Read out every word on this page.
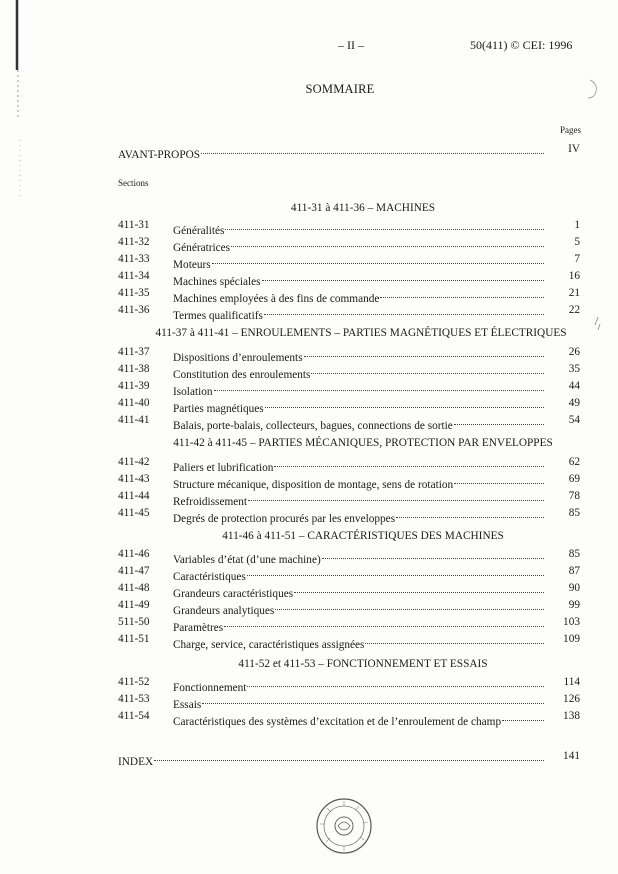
– II –	50(411) © CEI: 1996
SOMMAIRE
Pages
AVANT-PROPOS	IV
Sections
411-31 à 411-36 – MACHINES
411-31 Généralités	1
411-32 Génératrices	5
411-33 Moteurs	7
411-34 Machines spéciales	16
411-35 Machines employées à des fins de commande	21
411-36 Termes qualificatifs	22
411-37 à 411-41 – ENROULEMENTS – PARTIES MAGNÉTIQUES ET ÉLECTRIQUES
411-37 Dispositions d’enroulements	26
411-38 Constitution des enroulements	35
411-39 Isolation	44
411-40 Parties magnétiques	49
411-41 Balais, porte-balais, collecteurs, bagues, connections de sortie	54
411-42 à 411-45 – PARTIES MÉCANIQUES, PROTECTION PAR ENVELOPPES
411-42 Paliers et lubrification	62
411-43 Structure mécanique, disposition de montage, sens de rotation	69
411-44 Refroidissement	78
411-45 Degrés de protection procurés par les enveloppes	85
411-46 à 411-51 – CARACTÉRISTIQUES DES MACHINES
411-46 Variables d’état (d’une machine)	85
411-47 Caractéristiques	87
411-48 Grandeurs caractéristiques	90
411-49 Grandeurs analytiques	99
511-50 Paramètres	103
411-51 Charge, service, caractéristiques assignées	109
411-52 et 411-53 – FONCTIONNEMENT ET ESSAIS
411-52 Fonctionnement	114
411-53 Essais	126
411-54 Caractéristiques des systèmes d’excitation et de l’enroulement de champ	138
INDEX	141
